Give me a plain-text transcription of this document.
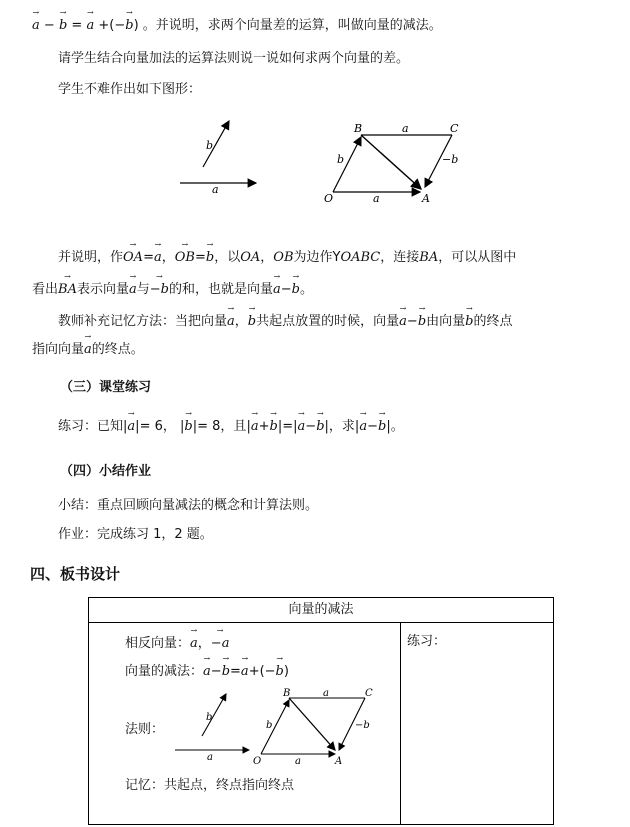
→ a − → b = → a +(−→ b) 。并说明，求两个向量差的运算，叫做向量的减法。
请学生结合向量加法的运算法则说一说如何求两个向量的差。
学生不难作出如下图形：
b
a
B	C
a
b	−b
O	a	A
并说明，作→ OA=→ a，→ OB=→ b，以OA，OB为边作YOABC，连接BA，可以从图中
看出→ BA表示向量→ a与→ −b的和，也就是向量→ a−→ b。
教师补充记忆方法：当把向量→ a，→ b共起点放置的时候，向量→ a−→ b由向量→ b的终点
指向向量→ a的终点。
（三）课堂练习
练习：已知|→ a|= 6， |→ b|= 8，且|→ a+→ b|=|→ a−→ b|，求|→ a−→ b|。
（四）小结作业
小结：重点回顾向量减法的概念和计算法则。
作业：完成练习 1，2 题。
四、板书设计
向量的减法
相反向量：→ a，→ −a
向量的减法：→ a−→ b=→ a+(−→ b)
法则：
b
a
B	C
a
b	−b
O	a	A
记忆：共起点，终点指向终点
练习：
